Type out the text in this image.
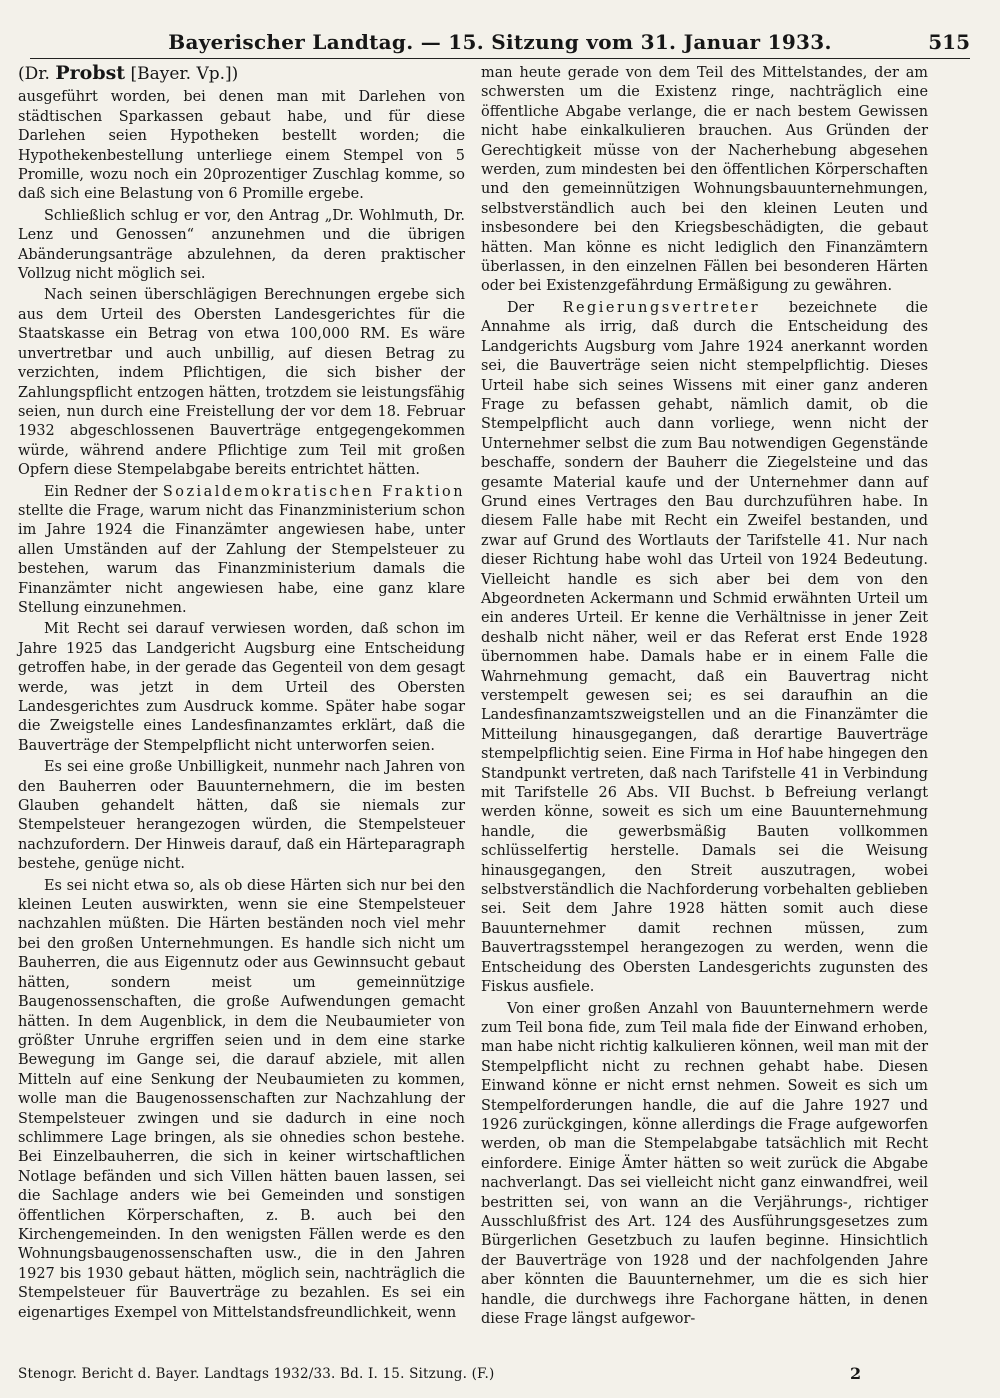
Bayerischer Landtag. — 15. Sitzung vom 31. Januar 1933.	515
(Dr. Probst [Bayer. Vp.])

ausgeführt worden, bei denen man mit Darlehen von städtischen Sparkassen gebaut habe, und für diese Darlehen seien Hypotheken bestellt worden; die Hypothekenbestellung unterliege einem Stempel von 5 Promille, wozu noch ein 20prozentiger Zuschlag komme, so daß sich eine Belastung von 6 Promille ergebe.

Schließlich schlug er vor, den Antrag „Dr. Wohlmuth, Dr. Lenz und Genossen“ anzunehmen und die übrigen Abänderungsanträge abzulehnen, da deren praktischer Vollzug nicht möglich sei.

Nach seinen überschlägigen Berechnungen ergebe sich aus dem Urteil des Obersten Landesgerichtes für die Staatskasse ein Betrag von etwa 100,000 RM. Es wäre unvertretbar und auch unbillig, auf diesen Betrag zu verzichten, indem Pflichtigen, die sich bisher der Zahlungspflicht entzogen hätten, trotzdem sie leistungsfähig seien, nun durch eine Freistellung der vor dem 18. Februar 1932 abgeschlossenen Bauverträge entgegengekommen würde, während andere Pflichtige zum Teil mit großen Opfern diese Stempelabgabe bereits entrichtet hätten.

Ein Redner der Sozialdemokratischen Fraktion stellte die Frage, warum nicht das Finanzministerium schon im Jahre 1924 die Finanzämter angewiesen habe, unter allen Umständen auf der Zahlung der Stempelsteuer zu bestehen, warum das Finanzministerium damals die Finanzämter nicht angewiesen habe, eine ganz klare Stellung einzunehmen.

Mit Recht sei darauf verwiesen worden, daß schon im Jahre 1925 das Landgericht Augsburg eine Entscheidung getroffen habe, in der gerade das Gegenteil von dem gesagt werde, was jetzt in dem Urteil des Obersten Landesgerichtes zum Ausdruck komme. Später habe sogar die Zweigstelle eines Landesfinanzamtes erklärt, daß die Bauverträge der Stempelpflicht nicht unterworfen seien.

Es sei eine große Unbilligkeit, nunmehr nach Jahren von den Bauherren oder Bauunternehmern, die im besten Glauben gehandelt hätten, daß sie niemals zur Stempelsteuer herangezogen würden, die Stempelsteuer nachzufordern. Der Hinweis darauf, daß ein Härteparagraph bestehe, genüge nicht.

Es sei nicht etwa so, als ob diese Härten sich nur bei den kleinen Leuten auswirkten, wenn sie eine Stempelsteuer nachzahlen müßten. Die Härten beständen noch viel mehr bei den großen Unternehmungen. Es handle sich nicht um Bauherren, die aus Eigennutz oder aus Gewinnsucht gebaut hätten, sondern meist um gemeinnützige Baugenossenschaften, die große Aufwendungen gemacht hätten. In dem Augenblick, in dem die Neubaumieter von größter Unruhe ergriffen seien und in dem eine starke Bewegung im Gange sei, die darauf abziele, mit allen Mitteln auf eine Senkung der Neubaumieten zu kommen, wolle man die Baugenossenschaften zur Nachzahlung der Stempelsteuer zwingen und sie dadurch in eine noch schlimmere Lage bringen, als sie ohnedies schon bestehe. Bei Einzelbauherren, die sich in keiner wirtschaftlichen Notlage befänden und sich Villen hätten bauen lassen, sei die Sachlage anders wie bei Gemeinden und sonstigen öffentlichen Körperschaften, z. B. auch bei den Kirchengemeinden. In den wenigsten Fällen werde es den Wohnungsbaugenossenschaften usw., die in den Jahren 1927 bis 1930 gebaut hätten, möglich sein, nachträglich die Stempelsteuer für Bauverträge zu bezahlen. Es sei ein eigenartiges Exempel von Mittelstandsfreundlichkeit, wenn

man heute gerade von dem Teil des Mittelstandes, der am schwersten um die Existenz ringe, nachträglich eine öffentliche Abgabe verlange, die er nach bestem Gewissen nicht habe einkalkulieren brauchen. Aus Gründen der Gerechtigkeit müsse von der Nacherhebung abgesehen werden, zum mindesten bei den öffentlichen Körperschaften und den gemeinnützigen Wohnungsbauunternehmungen, selbstverständlich auch bei den kleinen Leuten und insbesondere bei den Kriegsbeschädigten, die gebaut hätten. Man könne es nicht lediglich den Finanzämtern überlassen, in den einzelnen Fällen bei besonderen Härten oder bei Existenzgefährdung Ermäßigung zu gewähren.

Der Regierungsvertreter bezeichnete die Annahme als irrig, daß durch die Entscheidung des Landgerichts Augsburg vom Jahre 1924 anerkannt worden sei, die Bauverträge seien nicht stempelpflichtig. Dieses Urteil habe sich seines Wissens mit einer ganz anderen Frage zu befassen gehabt, nämlich damit, ob die Stempelpflicht auch dann vorliege, wenn nicht der Unternehmer selbst die zum Bau notwendigen Gegenstände beschaffe, sondern der Bauherr die Ziegelsteine und das gesamte Material kaufe und der Unternehmer dann auf Grund eines Vertrages den Bau durchzuführen habe. In diesem Falle habe mit Recht ein Zweifel bestanden, und zwar auf Grund des Wortlauts der Tarifstelle 41. Nur nach dieser Richtung habe wohl das Urteil von 1924 Bedeutung. Vielleicht handle es sich aber bei dem von den Abgeordneten Ackermann und Schmid erwähnten Urteil um ein anderes Urteil. Er kenne die Verhältnisse in jener Zeit deshalb nicht näher, weil er das Referat erst Ende 1928 übernommen habe. Damals habe er in einem Falle die Wahrnehmung gemacht, daß ein Bauvertrag nicht verstempelt gewesen sei; es sei daraufhin an die Landesfinanzamtszweigstellen und an die Finanzämter die Mitteilung hinausgegangen, daß derartige Bauverträge stempelpflichtig seien. Eine Firma in Hof habe hingegen den Standpunkt vertreten, daß nach Tarifstelle 41 in Verbindung mit Tarifstelle 26 Abs. VII Buchst. b Befreiung verlangt werden könne, soweit es sich um eine Bauunternehmung handle, die gewerbsmäßig Bauten vollkommen schlüsselfertig herstelle. Damals sei die Weisung hinausgegangen, den Streit auszutragen, wobei selbstverständlich die Nachforderung vorbehalten geblieben sei. Seit dem Jahre 1928 hätten somit auch diese Bauunternehmer damit rechnen müssen, zum Bauvertragsstempel herangezogen zu werden, wenn die Entscheidung des Obersten Landesgerichts zugunsten des Fiskus ausfiele.

Von einer großen Anzahl von Bauunternehmern werde zum Teil bona fide, zum Teil mala fide der Einwand erhoben, man habe nicht richtig kalkulieren können, weil man mit der Stempelpflicht nicht zu rechnen gehabt habe. Diesen Einwand könne er nicht ernst nehmen. Soweit es sich um Stempelforderungen handle, die auf die Jahre 1927 und 1926 zurückgingen, könne allerdings die Frage aufgeworfen werden, ob man die Stempelabgabe tatsächlich mit Recht einfordere. Einige Ämter hätten so weit zurück die Abgabe nachverlangt. Das sei vielleicht nicht ganz einwandfrei, weil bestritten sei, von wann an die Verjährungs-, richtiger Ausschlußfrist des Art. 124 des Ausführungsgesetzes zum Bürgerlichen Gesetzbuch zu laufen beginne. Hinsichtlich der Bauverträge von 1928 und der nachfolgenden Jahre aber könnten die Bauunternehmer, um die es sich hier handle, die durchwegs ihre Fachorgane hätten, in denen diese Frage längst aufgewor-

Stenogr. Bericht d. Bayer. Landtags 1932/33. Bd. I. 15. Sitzung. (F.)	2
